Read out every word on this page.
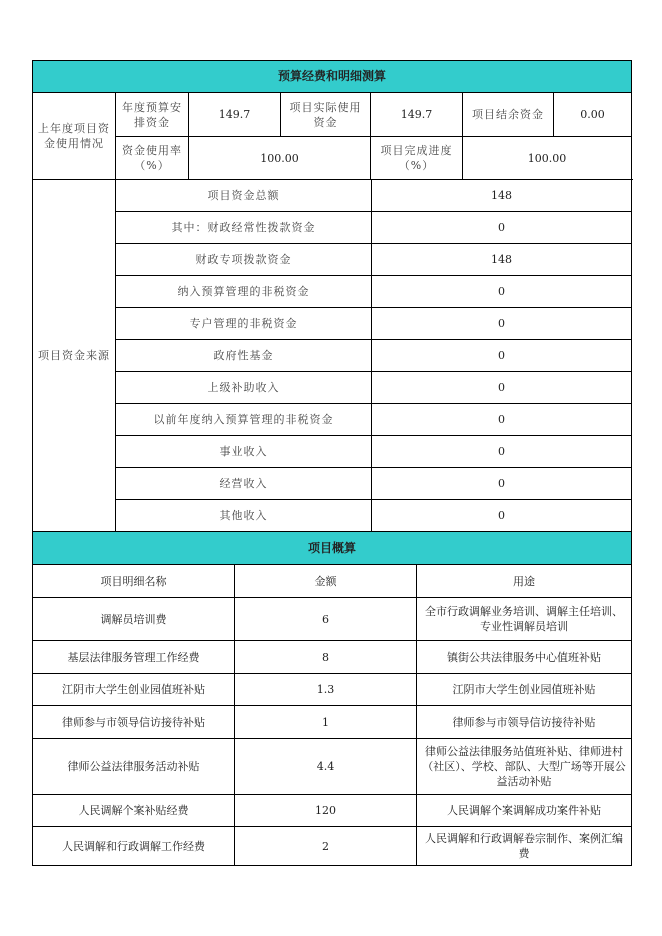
预算经费和明细测算						
上年度项目资金使用情况	年度预算安排资金	149.7	项目实际使用资金	149.7	项目结余资金	0.00
	资金使用率（%）	100.00		项目完成进度（%）	100.00	
项目资金来源	项目资金总额	148
	其中：财政经常性拨款资金	0
	财政专项拨款资金	148
	纳入预算管理的非税资金	0
	专户管理的非税资金	0
	政府性基金	0
	上级补助收入	0
	以前年度纳入预算管理的非税资金	0
	事业收入	0
	经营收入	0
	其他收入	0
项目概算		
项目明细名称	金额	用途
调解员培训费	6	全市行政调解业务培训、调解主任培训、专业性调解员培训
基层法律服务管理工作经费	8	镇街公共法律服务中心值班补贴
江阴市大学生创业园值班补贴	1.3	江阴市大学生创业园值班补贴
律师参与市领导信访接待补贴	1	律师参与市领导信访接待补贴
律师公益法律服务活动补贴	4.4	律师公益法律服务站值班补贴、律师进村（社区）、学校、部队、大型广场等开展公益活动补贴
人民调解个案补贴经费	120	人民调解个案调解成功案件补贴
人民调解和行政调解工作经费	2	人民调解和行政调解卷宗制作、案例汇编费
